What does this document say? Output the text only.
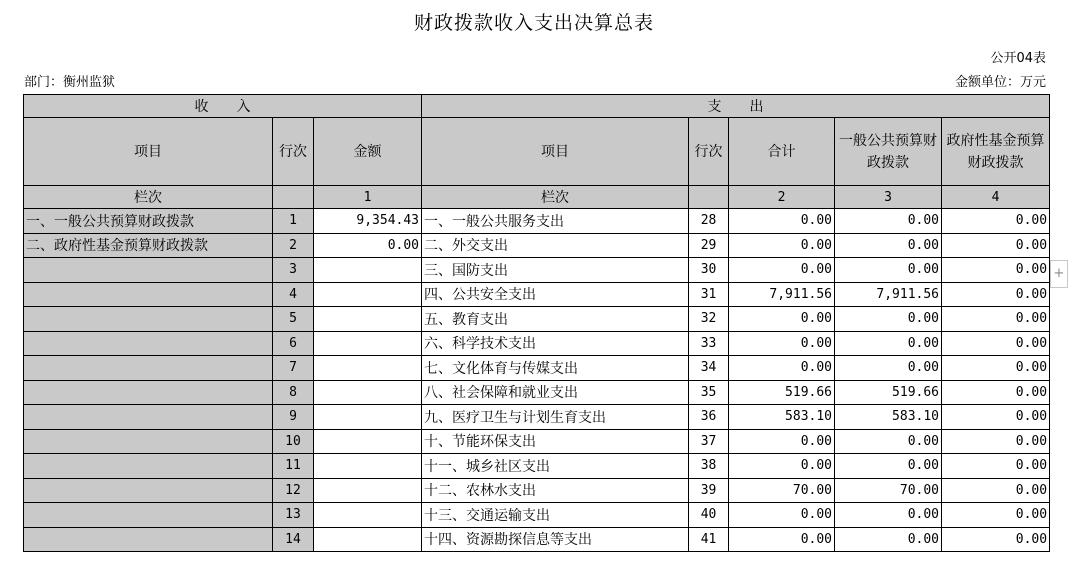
财政拨款收入支出决算总表
公开04表
部门：衡州监狱	金额单位：万元
+
收　　入			支　　出				
项目	行次	金额	项目	行次	合计	一般公共预算财政拨款	政府性基金预算财政拨款
栏次		1	栏次		2	3	4
一、一般公共预算财政拨款	1	9,354.43	一、一般公共服务支出	28	0.00	0.00	0.00
二、政府性基金预算财政拨款	2	0.00	二、外交支出	29	0.00	0.00	0.00
	3		三、国防支出	30	0.00	0.00	0.00
	4		四、公共安全支出	31	7,911.56	7,911.56	0.00
	5		五、教育支出	32	0.00	0.00	0.00
	6		六、科学技术支出	33	0.00	0.00	0.00
	7		七、文化体育与传媒支出	34	0.00	0.00	0.00
	8		八、社会保障和就业支出	35	519.66	519.66	0.00
	9		九、医疗卫生与计划生育支出	36	583.10	583.10	0.00
	10		十、节能环保支出	37	0.00	0.00	0.00
	11		十一、城乡社区支出	38	0.00	0.00	0.00
	12		十二、农林水支出	39	70.00	70.00	0.00
	13		十三、交通运输支出	40	0.00	0.00	0.00
	14		十四、资源勘探信息等支出	41	0.00	0.00	0.00
